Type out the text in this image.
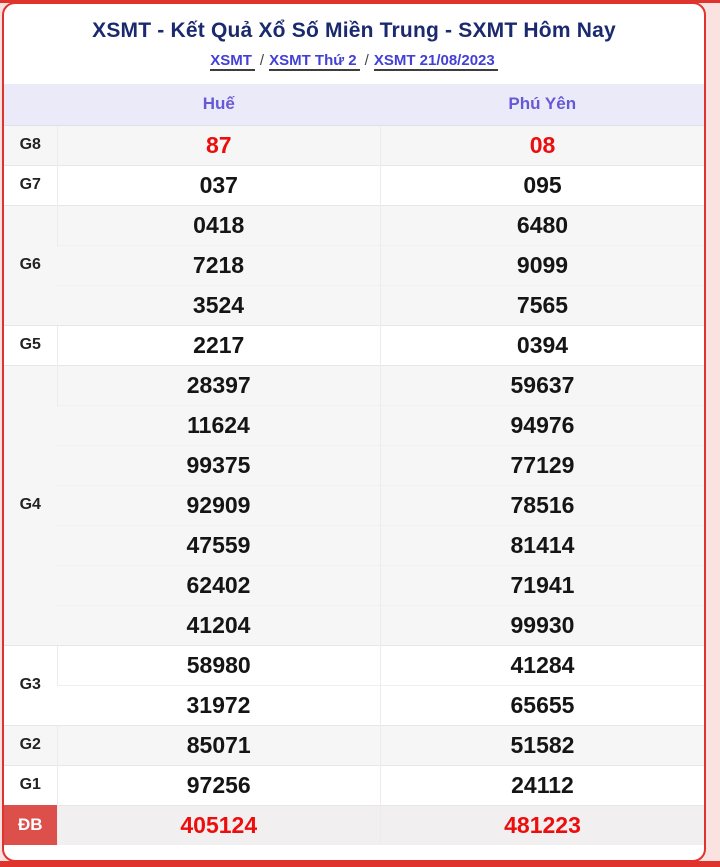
XSMT - Kết Quả Xổ Số Miền Trung - SXMT Hôm Nay
XSMT / XSMT Thứ 2 / XSMT 21/08/2023
	Huế	Phú Yên
G8	87	08
G7	037	095
G6	0418	6480
	7218	9099
	3524	7565
G5	2217	0394
G4	28397	59637
	11624	94976
	99375	77129
	92909	78516
	47559	81414
	62402	71941
	41204	99930
G3	58980	41284
	31972	65655
G2	85071	51582
G1	97256	24112
ĐB	405124	481223
